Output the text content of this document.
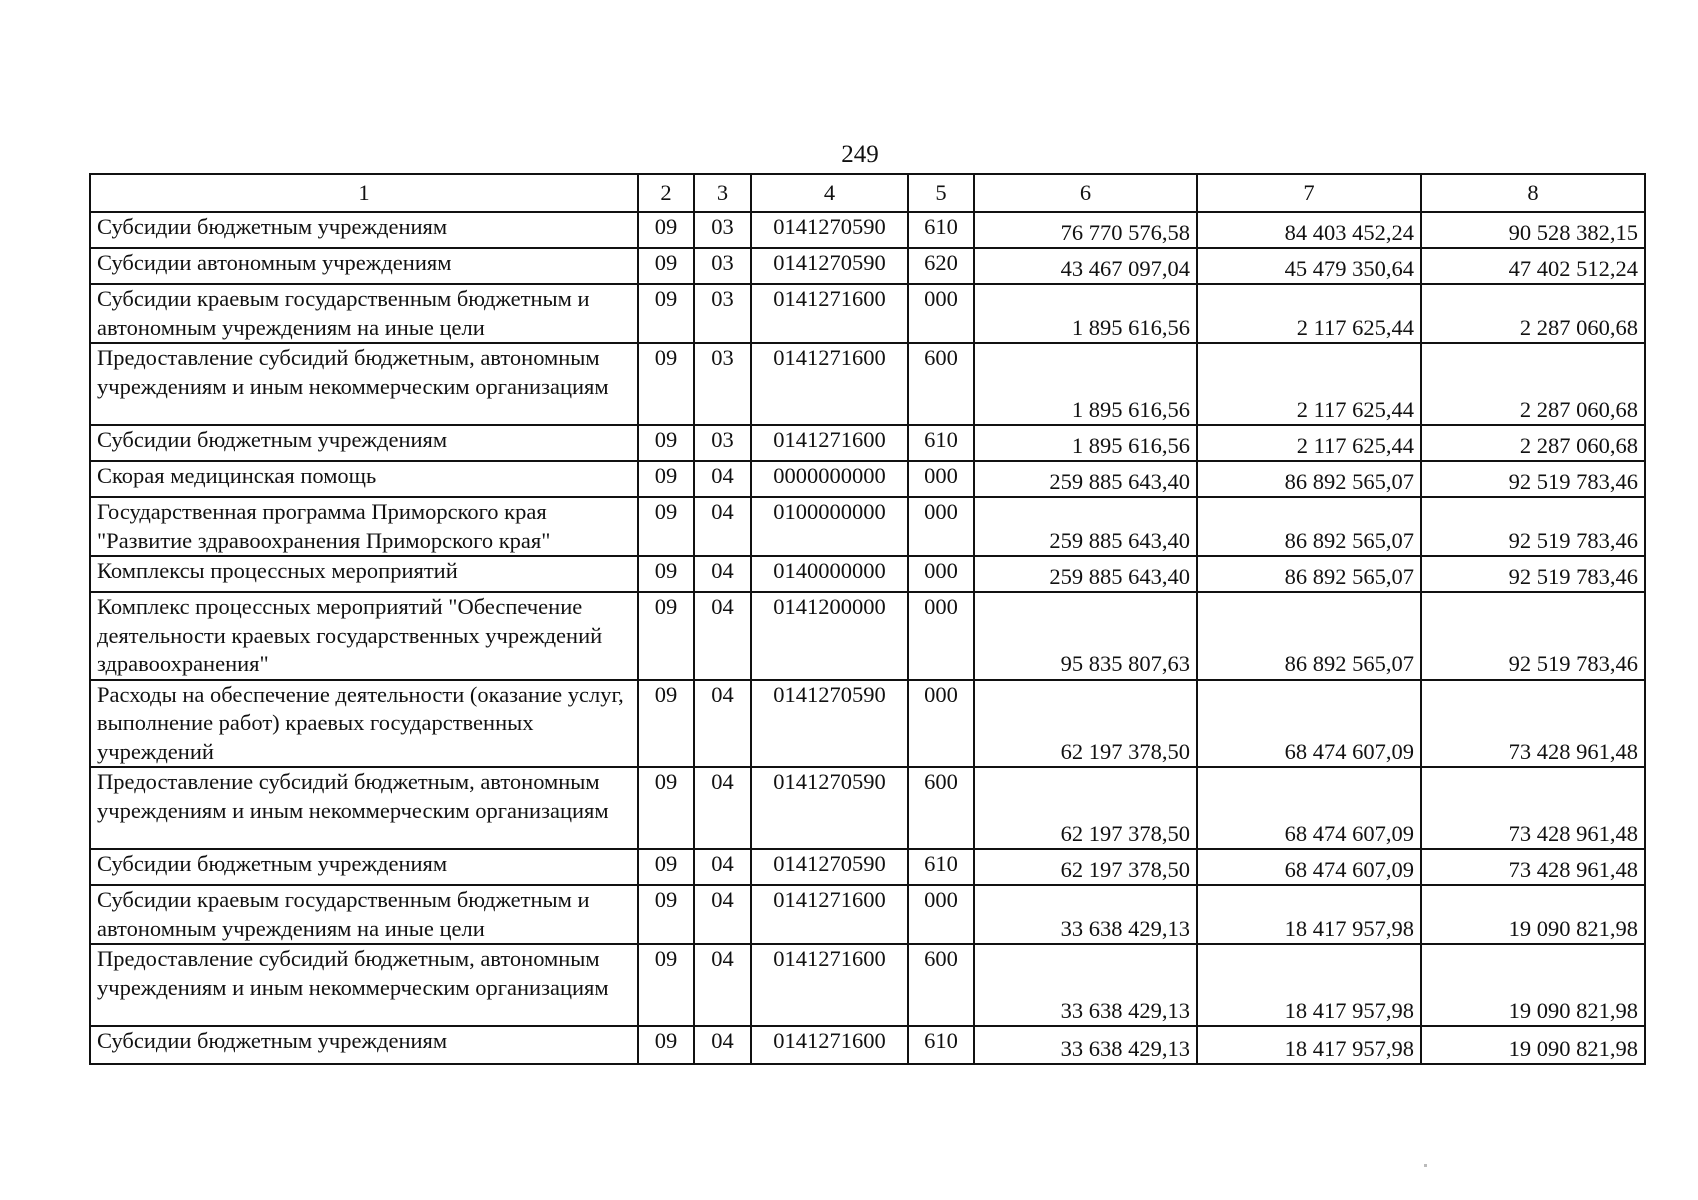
249
1	2	3	4	5	6	7	8
Субсидии бюджетным учреждениям	09	03	0141270590	610	76 770 576,58	84 403 452,24	90 528 382,15
Субсидии автономным учреждениям	09	03	0141270590	620	43 467 097,04	45 479 350,64	47 402 512,24
Субсидии краевым государственным бюджетным и автономным учреждениям на иные цели	09	03	0141271600	000	1 895 616,56	2 117 625,44	2 287 060,68
Предоставление субсидий бюджетным, автономным учреждениям и иным некоммерческим организациям	09	03	0141271600	600	1 895 616,56	2 117 625,44	2 287 060,68
Субсидии бюджетным учреждениям	09	03	0141271600	610	1 895 616,56	2 117 625,44	2 287 060,68
Скорая медицинская помощь	09	04	0000000000	000	259 885 643,40	86 892 565,07	92 519 783,46
Государственная программа Приморского края "Развитие здравоохранения Приморского края"	09	04	0100000000	000	259 885 643,40	86 892 565,07	92 519 783,46
Комплексы процессных мероприятий	09	04	0140000000	000	259 885 643,40	86 892 565,07	92 519 783,46
Комплекс процессных мероприятий "Обеспечение деятельности краевых государственных учреждений здравоохранения"	09	04	0141200000	000	95 835 807,63	86 892 565,07	92 519 783,46
Расходы на обеспечение деятельности (оказание услуг, выполнение работ) краевых государственных учреждений	09	04	0141270590	000	62 197 378,50	68 474 607,09	73 428 961,48
Предоставление субсидий бюджетным, автономным учреждениям и иным некоммерческим организациям	09	04	0141270590	600	62 197 378,50	68 474 607,09	73 428 961,48
Субсидии бюджетным учреждениям	09	04	0141270590	610	62 197 378,50	68 474 607,09	73 428 961,48
Субсидии краевым государственным бюджетным и автономным учреждениям на иные цели	09	04	0141271600	000	33 638 429,13	18 417 957,98	19 090 821,98
Предоставление субсидий бюджетным, автономным учреждениям и иным некоммерческим организациям	09	04	0141271600	600	33 638 429,13	18 417 957,98	19 090 821,98
Субсидии бюджетным учреждениям	09	04	0141271600	610	33 638 429,13	18 417 957,98	19 090 821,98
